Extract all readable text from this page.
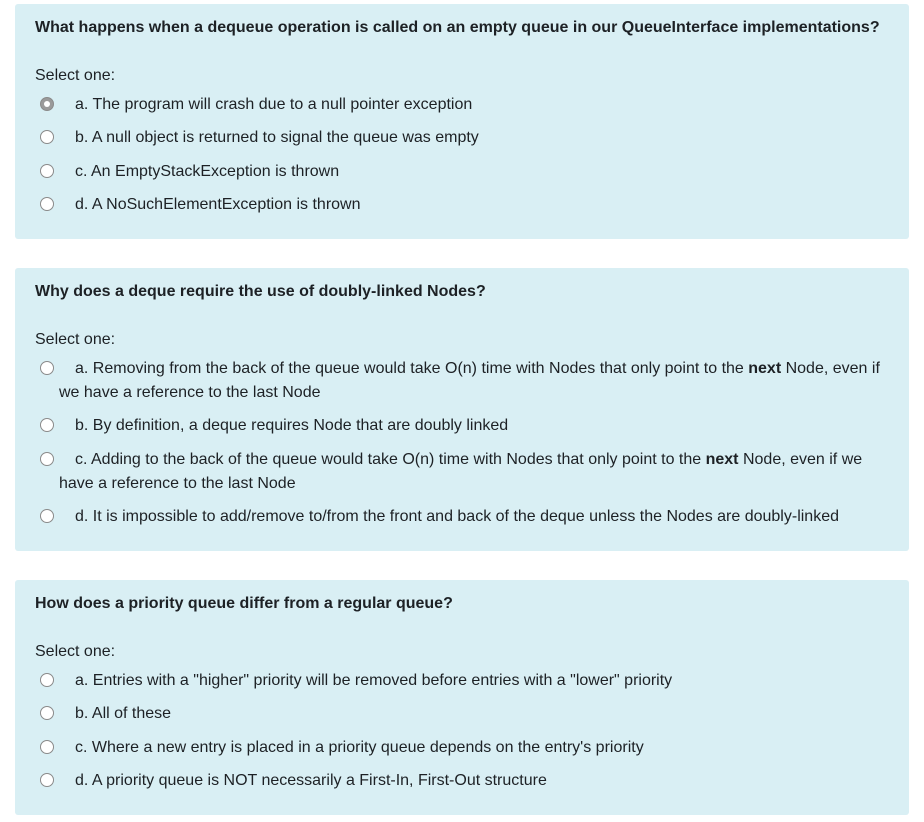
What happens when a dequeue operation is called on an empty queue in our QueueInterface implementations?
Select one:
a. The program will crash due to a null pointer exception
b. A null object is returned to signal the queue was empty
c. An EmptyStackException is thrown
d. A NoSuchElementException is thrown
Why does a deque require the use of doubly-linked Nodes?
Select one:
a. Removing from the back of the queue would take O(n) time with Nodes that only point to the next Node, even if we have a reference to the last Node
b. By definition, a deque requires Node that are doubly linked
c. Adding to the back of the queue would take O(n) time with Nodes that only point to the next Node, even if we have a reference to the last Node
d. It is impossible to add/remove to/from the front and back of the deque unless the Nodes are doubly-linked
How does a priority queue differ from a regular queue?
Select one:
a. Entries with a "higher" priority will be removed before entries with a "lower" priority
b. All of these
c. Where a new entry is placed in a priority queue depends on the entry's priority
d. A priority queue is NOT necessarily a First-In, First-Out structure
